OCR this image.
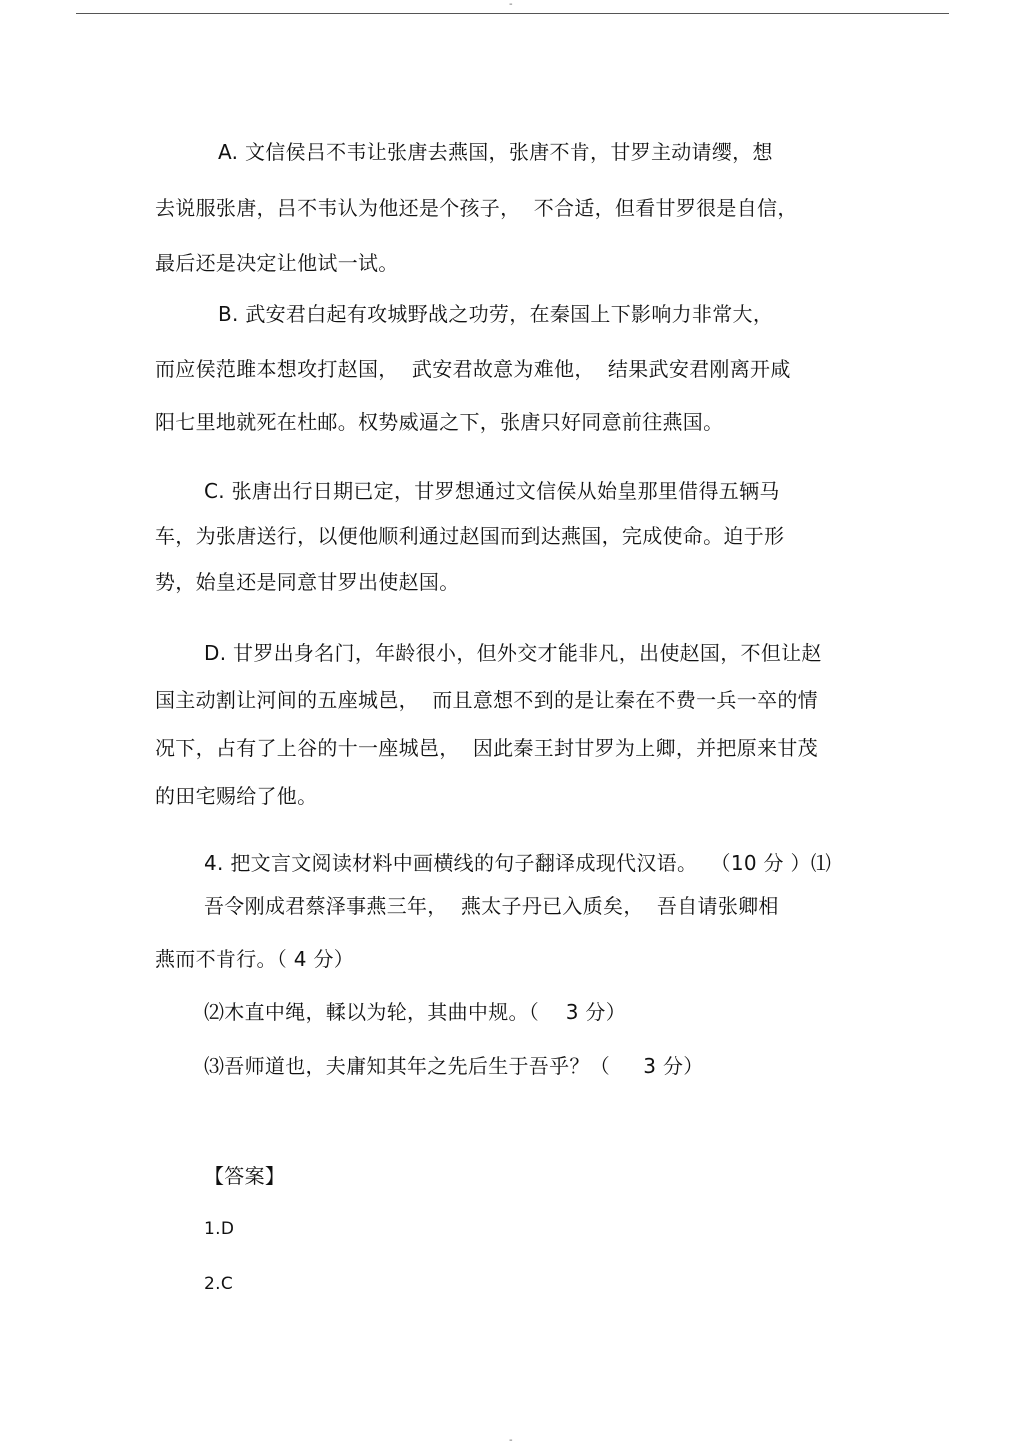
-
A. 文信侯吕不韦让张唐去燕国，张唐不肯，甘罗主动请缨，想
去说服张唐，吕不韦认为他还是个孩子，  不合适，但看甘罗很是自信，
最后还是决定让他试一试。
B. 武安君白起有攻城野战之功劳，在秦国上下影响力非常大，
而应侯范雎本想攻打赵国，  武安君故意为难他，  结果武安君刚离开咸
阳七里地就死在杜邮。权势威逼之下，张唐只好同意前往燕国。
C. 张唐出行日期已定，甘罗想通过文信侯从始皇那里借得五辆马
车，为张唐送行，以便他顺利通过赵国而到达燕国，完成使命。迫于形
势，始皇还是同意甘罗出使赵国。
D. 甘罗出身名门，年龄很小，但外交才能非凡，出使赵国，不但让赵
国主动割让河间的五座城邑，  而且意想不到的是让秦在不费一兵一卒的情
况下，占有了上谷的十一座城邑，  因此秦王封甘罗为上卿，并把原来甘茂
的田宅赐给了他。
4. 把文言文阅读材料中画横线的句子翻译成现代汉语。  （10 分 ）⑴
吾令刚成君蔡泽事燕三年，  燕太子丹已入质矣，  吾自请张卿相
燕而不肯行。（ 4 分）
⑵木直中绳，輮以为轮，其曲中规。（    3 分）
⑶吾师道也，夫庸知其年之先后生于吾乎？（     3 分）
【答案】
1.D
2.C
-
